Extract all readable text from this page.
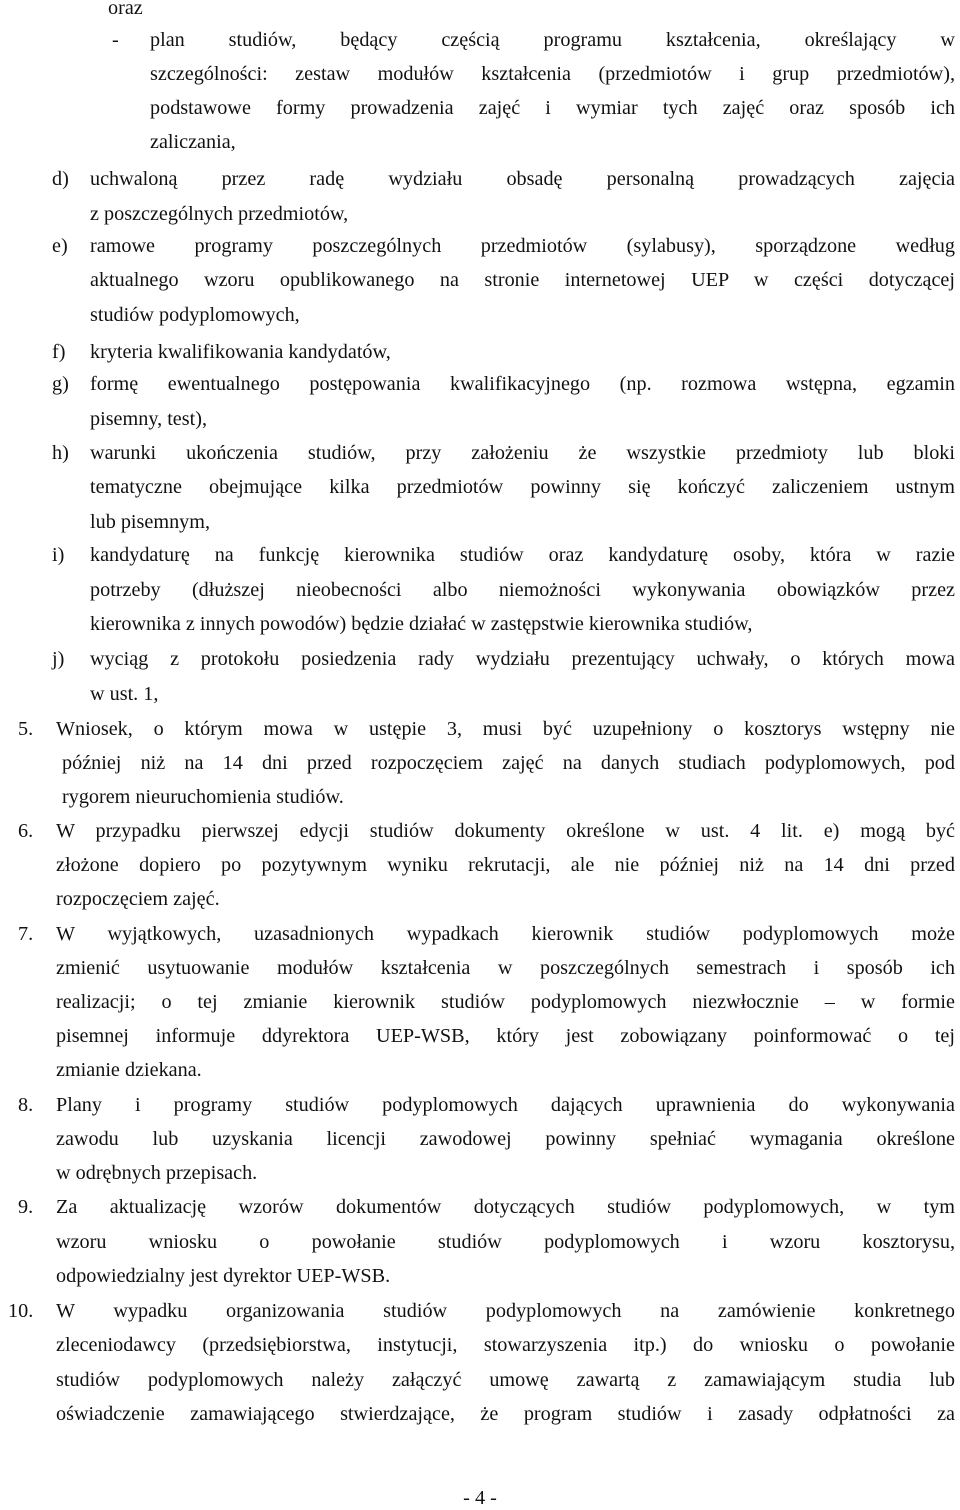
oraz
- plan studiów, będący częścią programu kształcenia, określający w
szczególności: zestaw modułów kształcenia (przedmiotów i grup przedmiotów),
podstawowe formy prowadzenia zajęć i wymiar tych zajęć oraz sposób ich
zaliczania,
d) uchwaloną przez radę wydziału obsadę personalną prowadzących zajęcia
z poszczególnych przedmiotów,
e) ramowe programy poszczególnych przedmiotów (sylabusy), sporządzone według
aktualnego wzoru opublikowanego na stronie internetowej UEP w części dotyczącej
studiów podyplomowych,
f) kryteria kwalifikowania kandydatów,
g) formę ewentualnego postępowania kwalifikacyjnego (np. rozmowa wstępna, egzamin
pisemny, test),
h) warunki ukończenia studiów, przy założeniu że wszystkie przedmioty lub bloki
tematyczne obejmujące kilka przedmiotów powinny się kończyć zaliczeniem ustnym
lub pisemnym,
i) kandydaturę na funkcję kierownika studiów oraz kandydaturę osoby, która w razie
potrzeby (dłuższej nieobecności albo niemożności wykonywania obowiązków przez
kierownika z innych powodów) będzie działać w zastępstwie kierownika studiów,
j) wyciąg z protokołu posiedzenia rady wydziału prezentujący uchwały, o których mowa
w ust. 1,
5. Wniosek, o którym mowa w ustępie 3, musi być uzupełniony o kosztorys wstępny nie
później niż na 14 dni przed rozpoczęciem zajęć na danych studiach podyplomowych, pod
rygorem nieuruchomienia studiów.
6. W przypadku pierwszej edycji studiów dokumenty określone w ust. 4 lit. e) mogą być
złożone dopiero po pozytywnym wyniku rekrutacji, ale nie później niż na 14 dni przed
rozpoczęciem zajęć.
7. W wyjątkowych, uzasadnionych wypadkach kierownik studiów podyplomowych może
zmienić usytuowanie modułów kształcenia w poszczególnych semestrach i sposób ich
realizacji; o tej zmianie kierownik studiów podyplomowych niezwłocznie – w formie
pisemnej informuje ddyrektora UEP-WSB, który jest zobowiązany poinformować o tej
zmianie dziekana.
8. Plany i programy studiów podyplomowych dających uprawnienia do wykonywania
zawodu lub uzyskania licencji zawodowej powinny spełniać wymagania określone
w odrębnych przepisach.
9. Za aktualizację wzorów dokumentów dotyczących studiów podyplomowych, w tym
wzoru wniosku o powołanie studiów podyplomowych i wzoru kosztorysu,
odpowiedzialny jest dyrektor UEP-WSB.
10. W wypadku organizowania studiów podyplomowych na zamówienie konkretnego
zleceniodawcy (przedsiębiorstwa, instytucji, stowarzyszenia itp.) do wniosku o powołanie
studiów podyplomowych należy załączyć umowę zawartą z zamawiającym studia lub
oświadczenie zamawiającego stwierdzające, że program studiów i zasady odpłatności za
- 4 -
